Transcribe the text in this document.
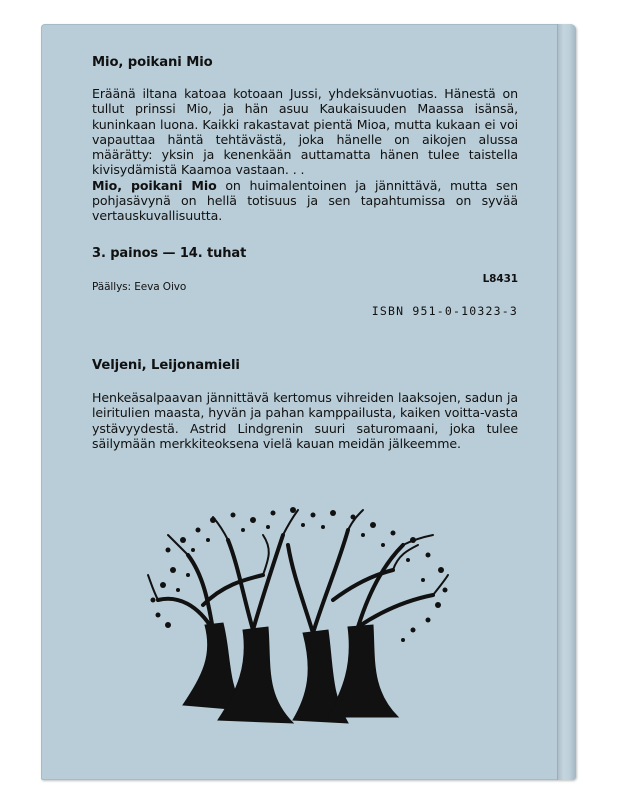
Mio, poikani Mio

Eräänä iltana katoaa kotoaan Jussi, yhdeksänvuotias. Hänestä on tullut prinssi Mio, ja hän asuu Kaukaisuuden Maassa isänsä, kuninkaan luona. Kaikki rakastavat pientä Mioa, mutta kukaan ei voi vapauttaa häntä tehtävästä, joka hänelle on aikojen alussa määrätty: yksin ja kenenkään auttamatta hänen tulee taistella kivisydämistä Kaamoa vastaan. . .

Mio, poikani Mio on huimalentoinen ja jännittävä, mutta sen pohjasävynä on hellä totisuus ja sen tapahtumissa on syvää vertauskuvallisuutta.

3. painos — 14. tuhat
Päällys: Eeva Oivo
L8431
ISBN 951-0-10323-3
Veljeni, Leijonamieli

Henkeäsalpaavan jännittävä kertomus vihreiden laaksojen, sadun ja leiritulien maasta, hyvän ja pahan kamppailusta, kaiken voitta-vasta ystävyydestä. Astrid Lindgrenin suuri saturomaani, joka tulee säilymään merkkiteoksena vielä kauan meidän jälkeemme.
